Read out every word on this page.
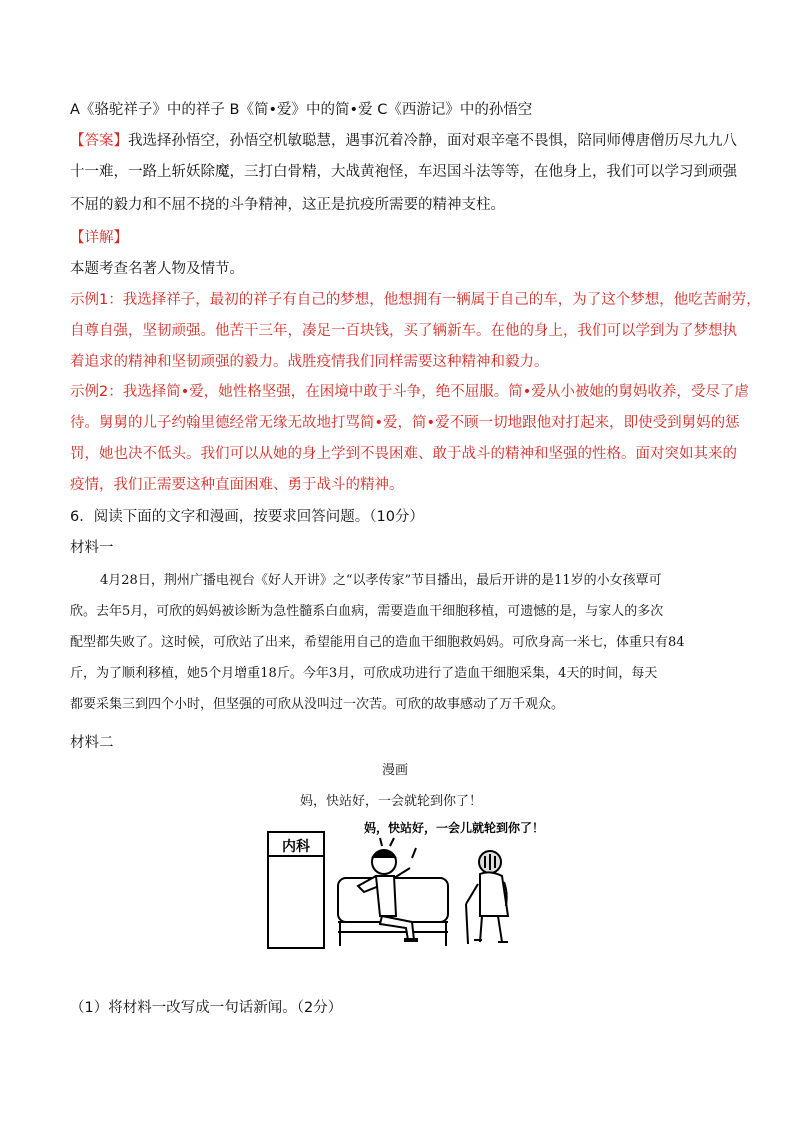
A《骆驼祥子》中的祥子 B《简•爱》中的简•爱 C《西游记》中的孙悟空
【答案】我选择孙悟空，孙悟空机敏聪慧，遇事沉着冷静，面对艰辛毫不畏惧，陪同师傅唐僧历尽九九八
十一难，一路上斩妖除魔，三打白骨精，大战黄袍怪，车迟国斗法等等，在他身上，我们可以学习到顽强
不屈的毅力和不屈不挠的斗争精神，这正是抗疫所需要的精神支柱。
【详解】
本题考查名著人物及情节。
示例1：我选择祥子，最初的祥子有自己的梦想，他想拥有一辆属于自己的车，为了这个梦想，他吃苦耐劳，
自尊自强，坚韧顽强。他苦干三年，凑足一百块钱，买了辆新车。在他的身上，我们可以学到为了梦想执
着追求的精神和坚韧顽强的毅力。战胜疫情我们同样需要这种精神和毅力。
示例2：我选择简•爱，她性格坚强，在困境中敢于斗争，绝不屈服。简•爱从小被她的舅妈收养，受尽了虐
待。舅舅的儿子约翰里德经常无缘无故地打骂简•爱，简•爱不顾一切地跟他对打起来，即使受到舅妈的惩
罚，她也决不低头。我们可以从她的身上学到不畏困难、敢于战斗的精神和坚强的性格。面对突如其来的
疫情，我们正需要这种直面困难、勇于战斗的精神。
6．阅读下面的文字和漫画，按要求回答问题。（10分）
材料一
4月28日，荆州广播电视台《好人开讲》之“以孝传家”节目播出，最后开讲的是11岁的小女孩覃可
欣。去年5月，可欣的妈妈被诊断为急性髓系白血病，需要造血干细胞移植，可遗憾的是，与家人的多次
配型都失败了。这时候，可欣站了出来，希望能用自己的造血干细胞救妈妈。可欣身高一米七，体重只有84
斤，为了顺利移植，她5个月增重18斤。今年3月，可欣成功进行了造血干细胞采集，4天的时间，每天
都要采集三到四个小时，但坚强的可欣从没叫过一次苦。可欣的故事感动了万千观众。
材料二
漫画
妈，快站好，一会就轮到你了！
内科
妈，快站好，一会儿就轮到你了！
（1）将材料一改写成一句话新闻。（2分）
